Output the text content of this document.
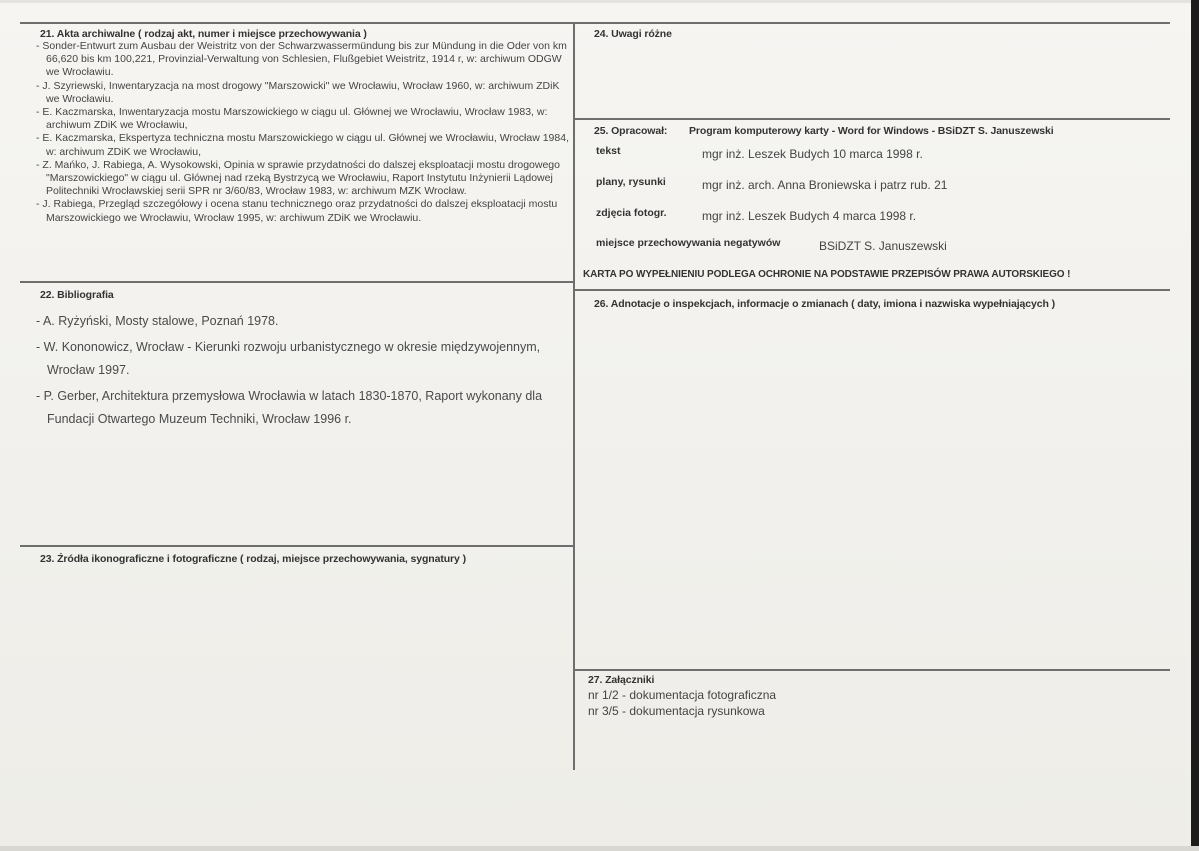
21. Akta archiwalne ( rodzaj akt, numer i miejsce przechowywania )
- Sonder-Entwurt zum Ausbau der Weistritz von der Schwarzwassermündung bis zur Mündung in die Oder von km 66,620 bis km 100,221, Provinzial-Verwaltung von Schlesien, Flußgebiet Weistritz, 1914 r, w: archiwum ODGW we Wrocławiu.
- J. Szyriewski, Inwentaryzacja na most drogowy "Marszowicki" we Wrocławiu, Wrocław 1960, w: archiwum ZDiK we Wrocławiu.
- E. Kaczmarska, Inwentaryzacja mostu Marszowickiego w ciągu ul. Głównej we Wrocławiu, Wrocław 1983, w: archiwum ZDiK we Wrocławiu,
- E. Kaczmarska, Ekspertyza techniczna mostu Marszowickiego w ciągu ul. Głównej we Wrocławiu, Wrocław 1984, w: archiwum ZDiK we Wrocławiu,
- Z. Mańko, J. Rabiega, A. Wysokowski, Opinia w sprawie przydatności do dalszej eksploatacji mostu drogowego "Marszowickiego" w ciągu ul. Głównej nad rzeką Bystrzycą we Wrocławiu, Raport Instytutu Inżynierii Lądowej Politechniki Wrocławskiej serii SPR nr 3/60/83, Wrocław 1983, w: archiwum MZK Wrocław.
- J. Rabiega, Przegląd szczegółowy i ocena stanu technicznego oraz przydatności do dalszej eksploatacji mostu Marszowickiego we Wrocławiu, Wrocław 1995, w: archiwum ZDiK we Wrocławiu.
22. Bibliografia
- A. Ryżyński, Mosty stalowe, Poznań 1978.
- W. Kononowicz, Wrocław - Kierunki rozwoju urbanistycznego w okresie międzywojennym, Wrocław 1997.
- P. Gerber, Architektura przemysłowa Wrocławia w latach 1830-1870, Raport wykonany dla Fundacji Otwartego Muzeum Techniki, Wrocław 1996 r.
23. Źródła ikonograficzne i fotograficzne ( rodzaj, miejsce przechowywania, sygnatury )
24. Uwagi różne
25. Opracował: Program komputerowy karty - Word for Windows - BSiDZT S. Januszewski
tekst	mgr inż. Leszek Budych 10 marca 1998 r.
plany, rysunki	mgr inż. arch. Anna Broniewska i patrz rub. 21
zdjęcia fotogr.	mgr inż. Leszek Budych 4 marca 1998 r.
miejsce przechowywania negatywów	BSiDZT S. Januszewski
KARTA PO WYPEŁNIENIU PODLEGA OCHRONIE NA PODSTAWIE PRZEPISÓW PRAWA AUTORSKIEGO !
26. Adnotacje o inspekcjach, informacje o zmianach ( daty, imiona i nazwiska wypełniających )
27. Załączniki
nr 1/2 - dokumentacja fotograficzna
nr 3/5 - dokumentacja rysunkowa
